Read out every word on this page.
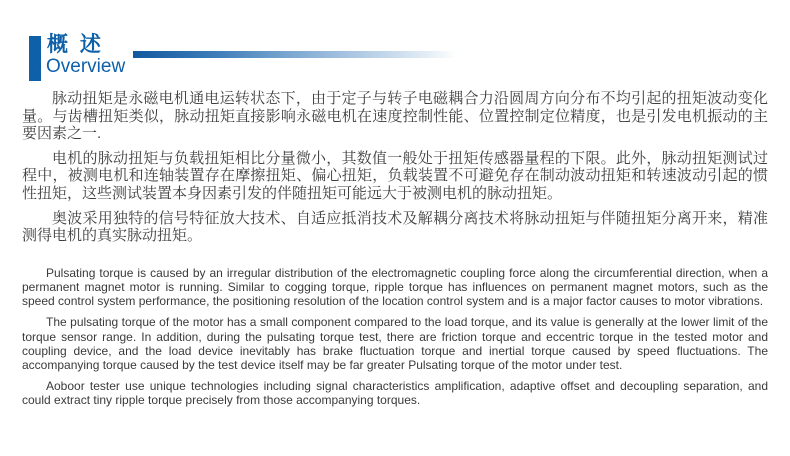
概 述
Overview

脉动扭矩是永磁电机通电运转状态下，由于定子与转子电磁耦合力沿圆周方向分布不均引起的扭矩波动变化量。与齿槽扭矩类似，脉动扭矩直接影响永磁电机在速度控制性能、位置控制定位精度，也是引发电机振动的主要因素之一.

电机的脉动扭矩与负载扭矩相比分量微小，其数值一般处于扭矩传感器量程的下限。此外，脉动扭矩测试过程中，被测电机和连轴装置存在摩擦扭矩、偏心扭矩，负载装置不可避免存在制动波动扭矩和转速波动引起的惯性扭矩，这些测试装置本身因素引发的伴随扭矩可能远大于被测电机的脉动扭矩。

奥波采用独特的信号特征放大技术、自适应抵消技术及解耦分离技术将脉动扭矩与伴随扭矩分离开来，精准测得电机的真实脉动扭矩。

Pulsating torque is caused by an irregular distribution of the electromagnetic coupling force along the circumferential direction, when a permanent magnet motor is running. Similar to cogging torque, ripple torque has influences on permanent magnet motors, such as the speed control system performance, the positioning resolution of the location control system and is a major factor causes to motor vibrations.

The pulsating torque of the motor has a small component compared to the load torque, and its value is generally at the lower limit of the torque sensor range. In addition, during the pulsating torque test, there are friction torque and eccentric torque in the tested motor and coupling device, and the load device inevitably has brake fluctuation torque and inertial torque caused by speed fluctuations. The accompanying torque caused by the test device itself may be far greater Pulsating torque of the motor under test.

Aoboor tester use unique technologies including signal characteristics amplification, adaptive offset and decoupling separation, and could extract tiny ripple torque precisely from those accompanying torques.
